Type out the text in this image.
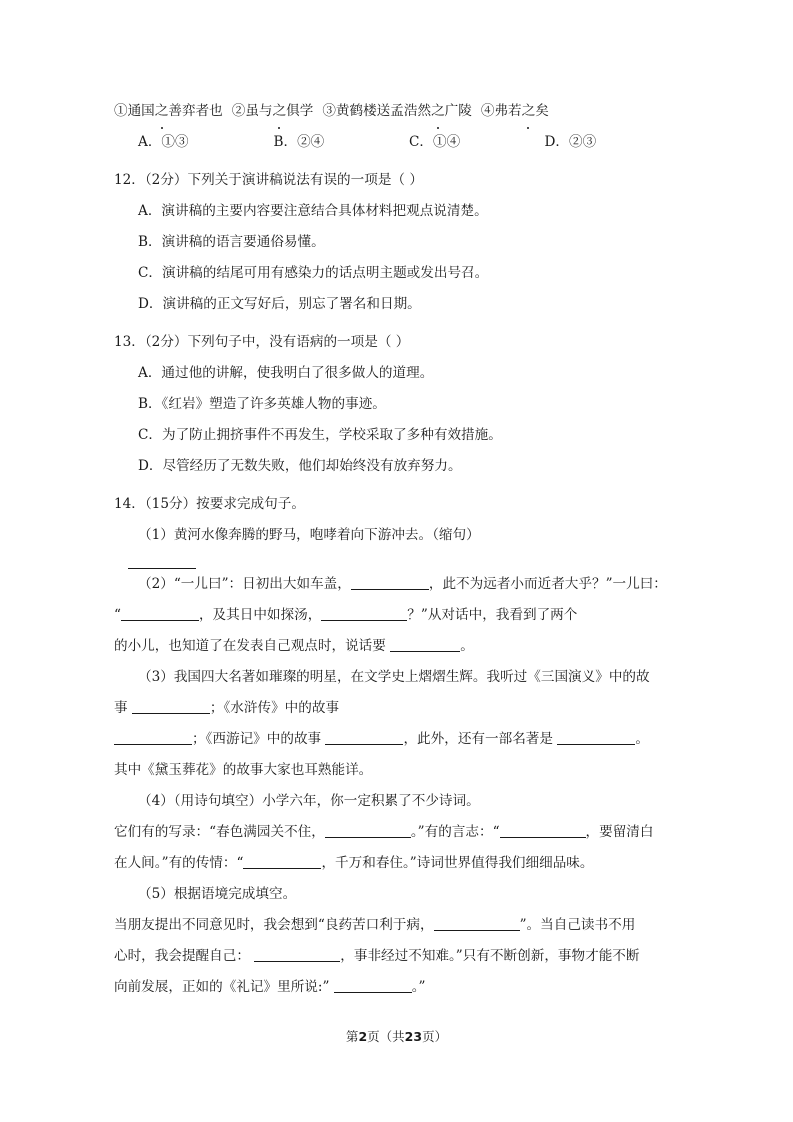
①通国之善弈者也 ②虽与之俱学 ③黄鹤楼送孟浩然之广陵 ④弗若之矣
A．①③	B．②④	C．①④	D．②③
12．（2分）下列关于演讲稿说法有误的一项是（ ）
A．演讲稿的主要内容要注意结合具体材料把观点说清楚。
B．演讲稿的语言要通俗易懂。
C．演讲稿的结尾可用有感染力的话点明主题或发出号召。
D．演讲稿的正文写好后，别忘了署名和日期。
13．（2分）下列句子中，没有语病的一项是（ ）
A．通过他的讲解，使我明白了很多做人的道理。
B．《红岩》塑造了许多英雄人物的事迹。
C．为了防止拥挤事件不再发生，学校采取了多种有效措施。
D．尽管经历了无数失败，他们却始终没有放弃努力。
14．（15分）按要求完成句子。
（1）黄河水像奔腾的野马，咆哮着向下游冲去。（缩句）
（2）“一儿曰”：日初出大如车盖，	，此不为远者小而近者大乎？”一儿曰：
“	，及其日中如探汤，	？”从对话中，我看到了两个
的小儿，也知道了在发表自己观点时，说话要	。
（3）我国四大名著如璀璨的明星，在文学史上熠熠生辉。我听过《三国演义》中的故
事	；《水浒传》中的故事
；《西游记》中的故事	，此外，还有一部名著是	。
其中《黛玉葬花》的故事大家也耳熟能详。
（4）（用诗句填空）小学六年，你一定积累了不少诗词。
它们有的写录：“春色满园关不住，	。”有的言志：“	，要留清白
在人间。”有的传情：“	，千万和春住。”诗词世界值得我们细细品味。
（5）根据语境完成填空。
当朋友提出不同意见时，我会想到“良药苦口利于病，	”。当自己读书不用
心时，我会提醒自己：	，事非经过不知难。”只有不断创新，事物才能不断
向前发展，正如的《礼记》里所说:”	。”
第2页（共23页）
